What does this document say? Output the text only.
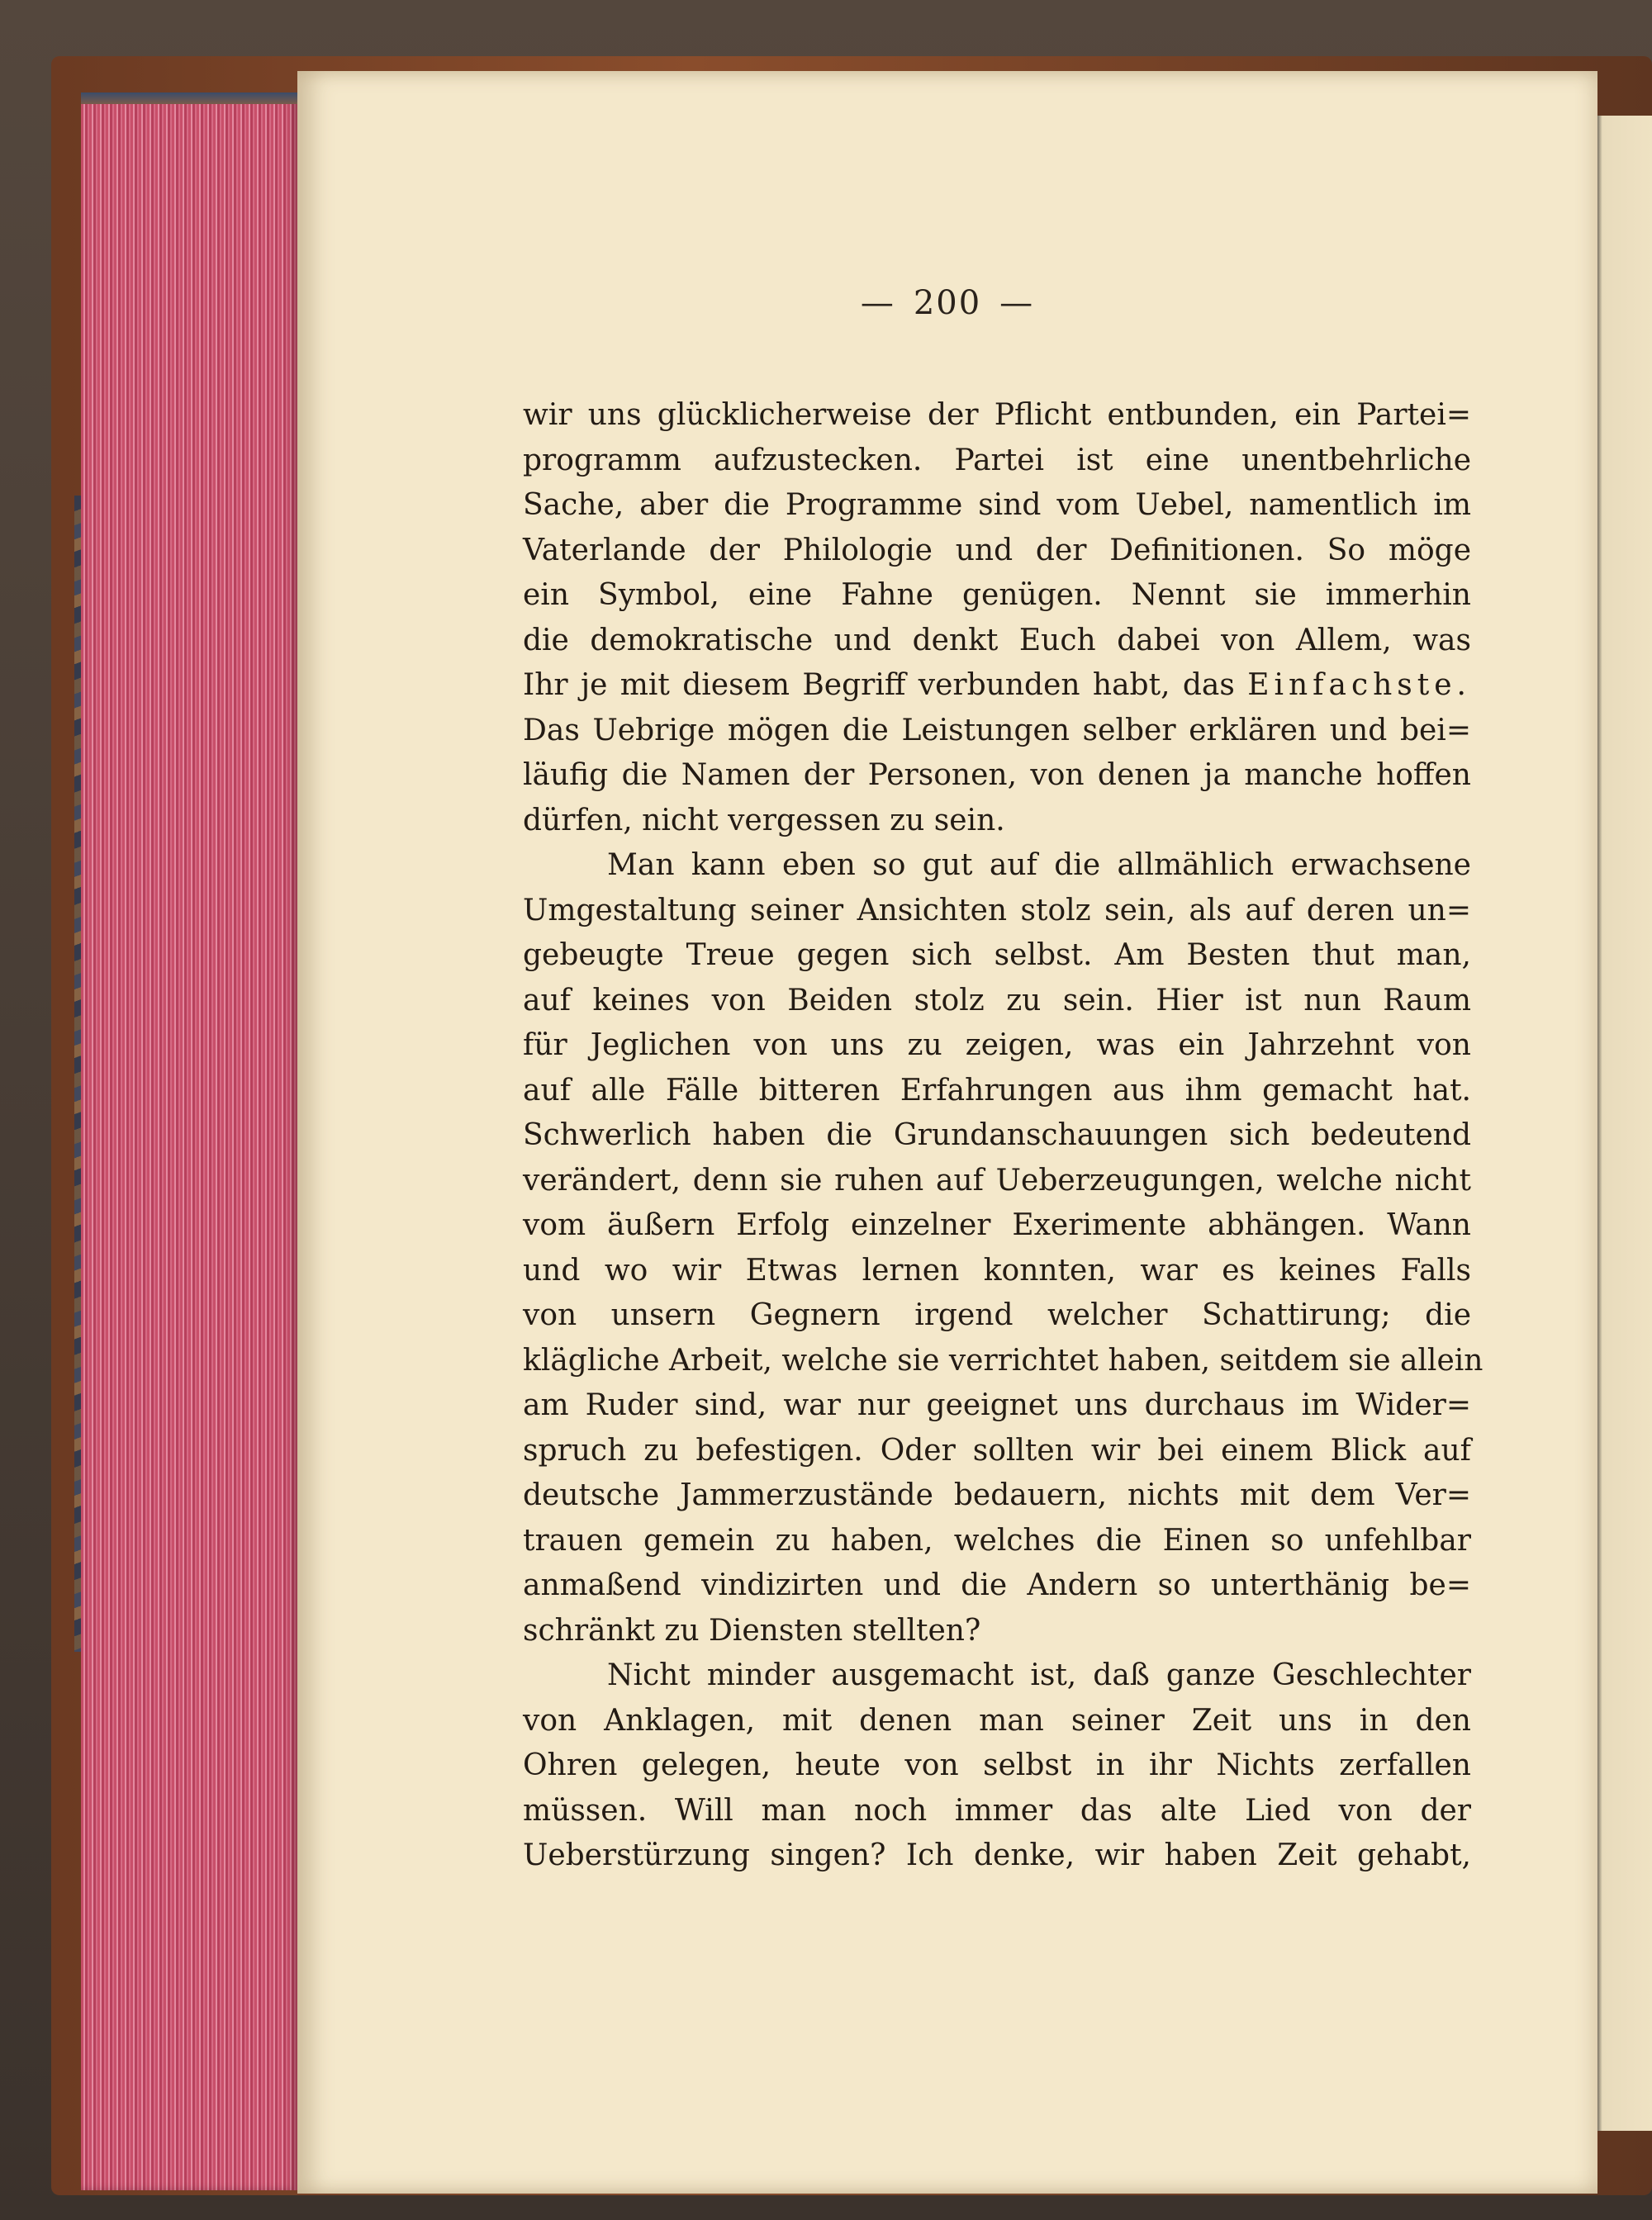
— 200 —
wir uns glücklicherweise der Pflicht entbunden, ein Partei=
programm aufzustecken. Partei ist eine unentbehrliche
Sache, aber die Programme sind vom Uebel, namentlich im
Vaterlande der Philologie und der Definitionen. So möge
ein Symbol, eine Fahne genügen. Nennt sie immerhin
die demokratische und denkt Euch dabei von Allem, was
Ihr je mit diesem Begriff verbunden habt, das Einfachste.
Das Uebrige mögen die Leistungen selber erklären und bei=
läufig die Namen der Personen, von denen ja manche hoffen
dürfen, nicht vergessen zu sein.
Man kann eben so gut auf die allmählich erwachsene
Umgestaltung seiner Ansichten stolz sein, als auf deren un=
gebeugte Treue gegen sich selbst. Am Besten thut man,
auf keines von Beiden stolz zu sein. Hier ist nun Raum
für Jeglichen von uns zu zeigen, was ein Jahrzehnt von
auf alle Fälle bitteren Erfahrungen aus ihm gemacht hat.
Schwerlich haben die Grundanschauungen sich bedeutend
verändert, denn sie ruhen auf Ueberzeugungen, welche nicht
vom äußern Erfolg einzelner Exerimente abhängen. Wann
und wo wir Etwas lernen konnten, war es keines Falls
von unsern Gegnern irgend welcher Schattirung; die
klägliche Arbeit, welche sie verrichtet haben, seitdem sie allein
am Ruder sind, war nur geeignet uns durchaus im Wider=
spruch zu befestigen. Oder sollten wir bei einem Blick auf
deutsche Jammerzustände bedauern, nichts mit dem Ver=
trauen gemein zu haben, welches die Einen so unfehlbar
anmaßend vindizirten und die Andern so unterthänig be=
schränkt zu Diensten stellten?
Nicht minder ausgemacht ist, daß ganze Geschlechter
von Anklagen, mit denen man seiner Zeit uns in den
Ohren gelegen, heute von selbst in ihr Nichts zerfallen
müssen. Will man noch immer das alte Lied von der
Ueberstürzung singen? Ich denke, wir haben Zeit gehabt,
